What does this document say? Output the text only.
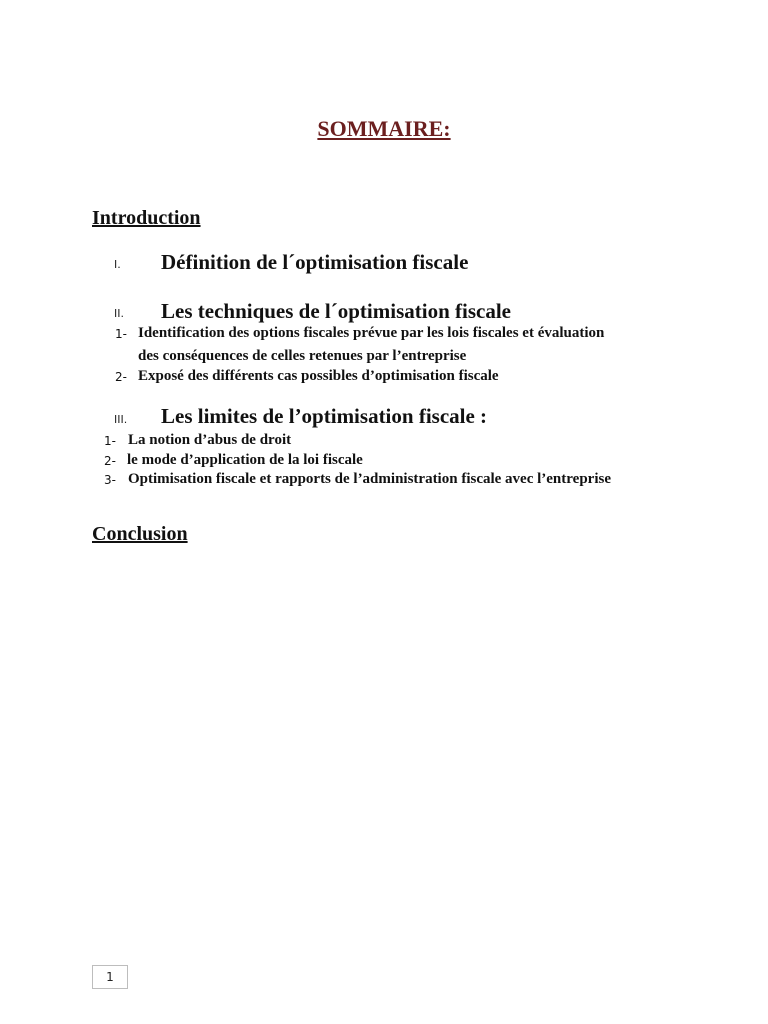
SOMMAIRE:
Introduction
I. Définition de l´optimisation fiscale
II. Les techniques de l´optimisation fiscale
1- Identification des options fiscales prévue par les lois fiscales et évaluation
des conséquences de celles retenues par l’entreprise
2- Exposé des différents cas possibles d’optimisation fiscale
III. Les limites de l’optimisation fiscale :
1- La notion d’abus de droit
2- le mode d’application de la loi fiscale
3- Optimisation fiscale et rapports de l’administration fiscale avec l’entreprise
Conclusion
1
